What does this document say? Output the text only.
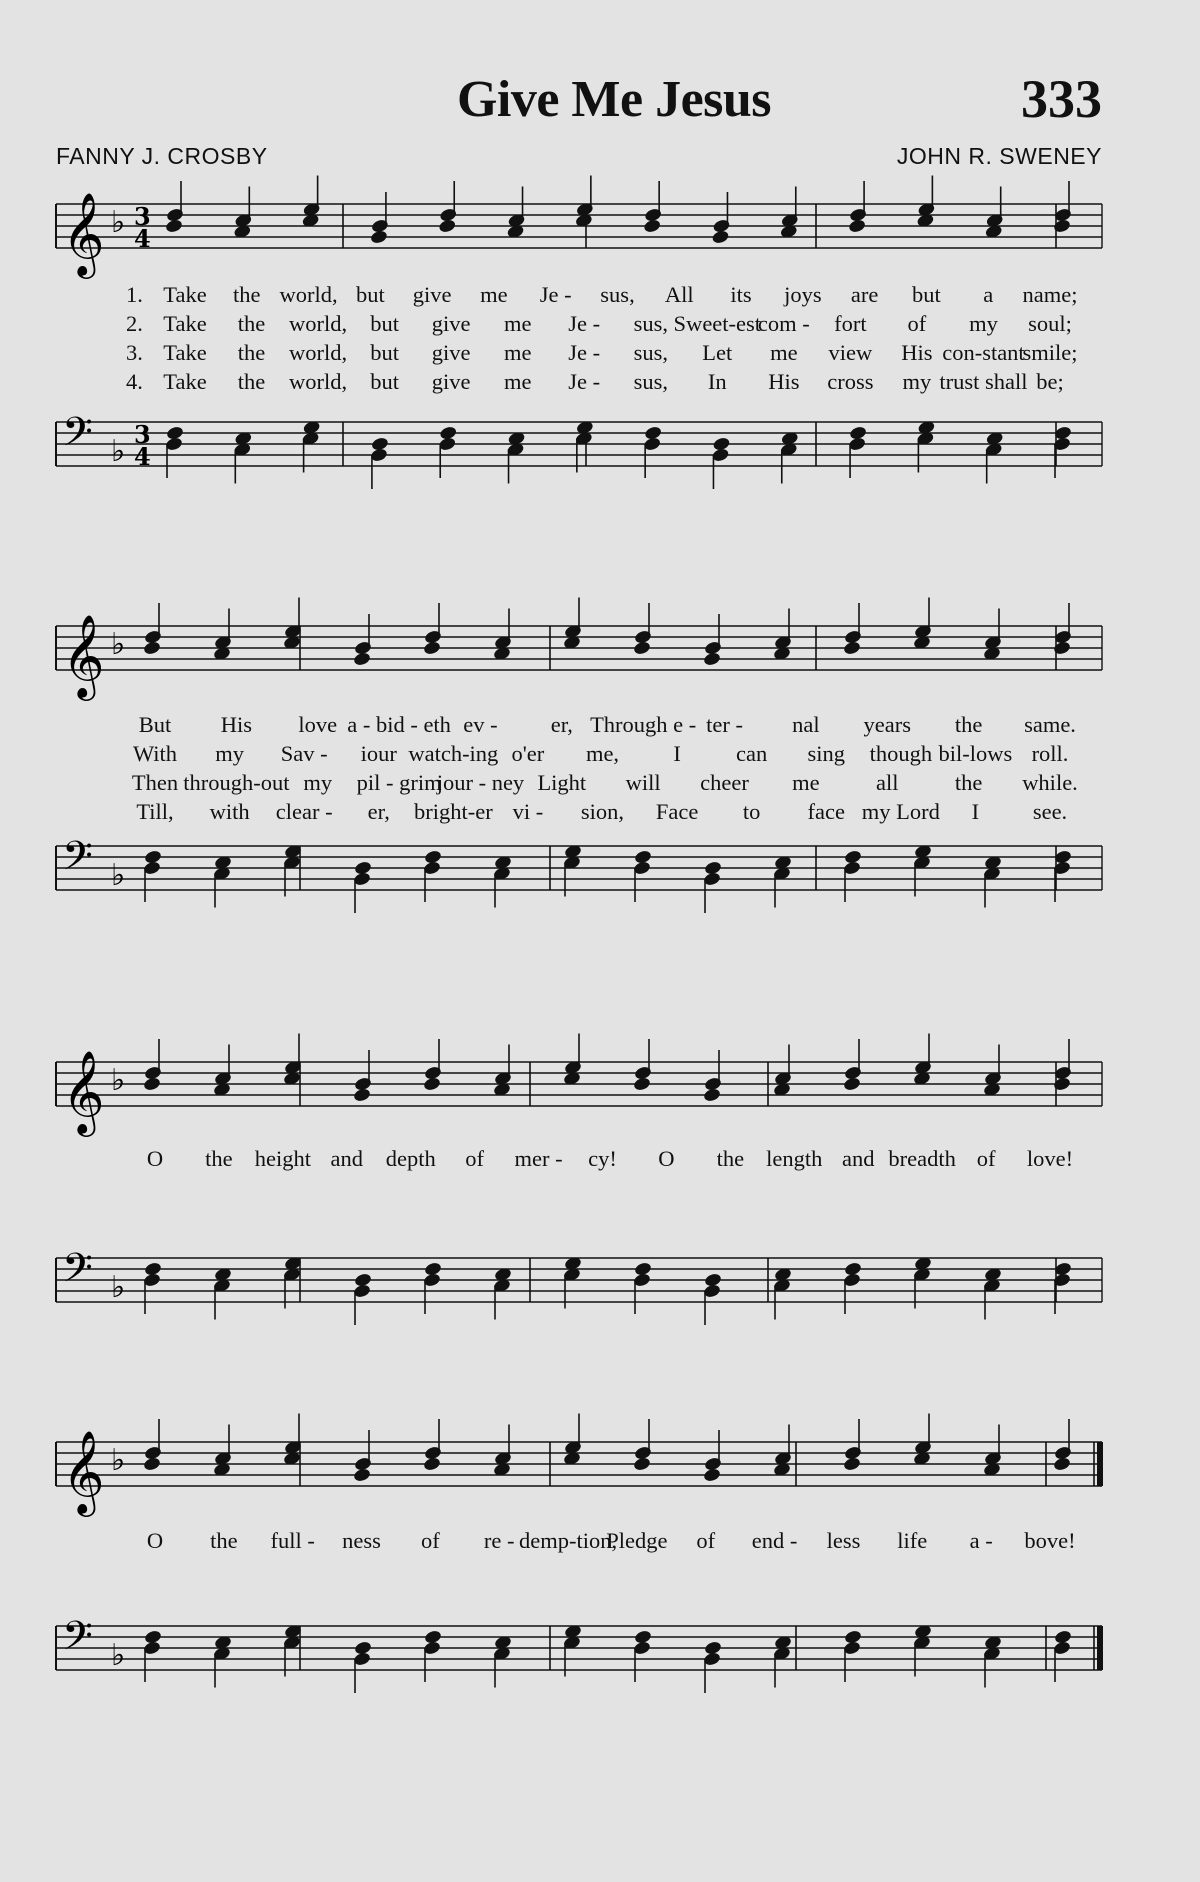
Give Me Jesus	333
FANNY J. CROSBY	JOHN R. SWENEY
𝄞 ♭ 3
4
𝄢 ♭ 3
4
1. Take the world, but give me Je - sus, All its joys are but a name;
2. Take the world, but give me Je - sus, Sweet-est
com - fort of my soul;
3. Take the world, but give me Je - sus, Let me view His con-stant
smile;
4. Take the world, but give me Je - sus, In His cross my trust shall be;
𝄞 ♭
𝄢 ♭
But His love a - bid - eth ev - er, Through e - ter - nal years the same.
With my Sav - iour watch-ing o'er me, I can sing though bil-lows roll.
Then through-out my pil - grim
jour - ney Light will cheer me	all	the while.
Till, with clear - er, bright-er vi - sion, Face to face my Lord I see.
𝄞 ♭
𝄢 ♭
O the height and depth of mer - cy! O the length and breadth of love!
𝄞 ♭
𝄢 ♭
O the full - ness of re - demp-tion,
Pledge of end - less life a - bove!
